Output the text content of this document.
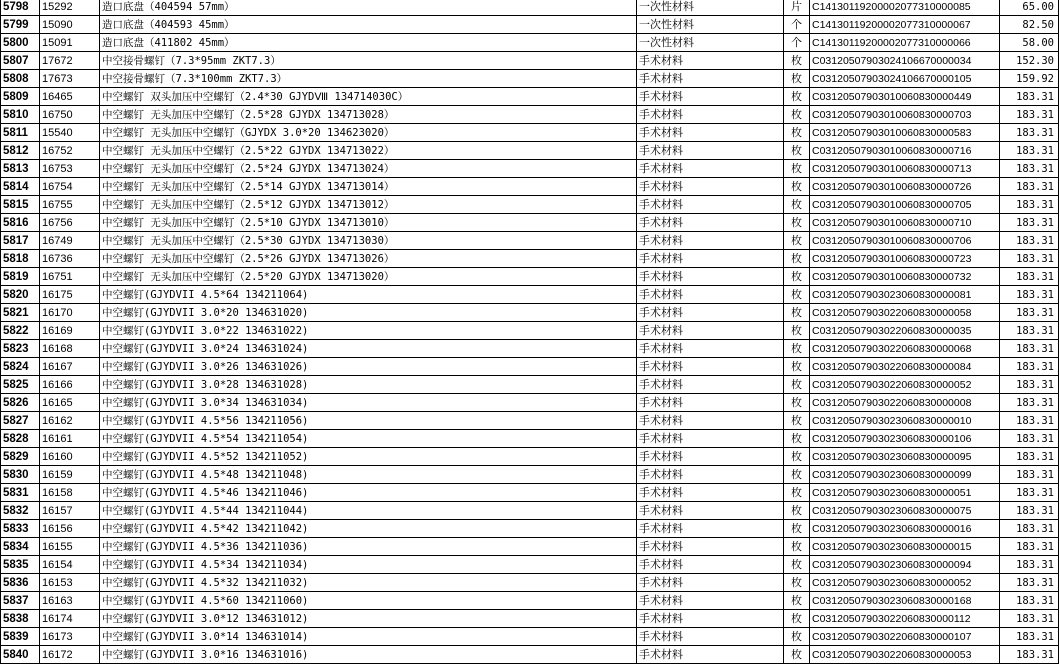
5798	15292	造口底盘（404594 57mm）	一次性材料	片	C14130119200002077310000085	65.00
5799	15090	造口底盘（404593 45mm）	一次性材料	个	C14130119200002077310000067	82.50
5800	15091	造口底盘（411802 45mm）	一次性材料	个	C14130119200002077310000066	58.00
5807	17672	中空接骨螺钉（7.3*95mm ZKT7.3）	手术材料	枚	C03120507903024106670000034	152.30
5808	17673	中空接骨螺钉（7.3*100mm ZKT7.3）	手术材料	枚	C03120507903024106670000105	159.92
5809	16465	中空螺钉 双头加压中空螺钉（2.4*30 GJYDⅧ 134714030C）	手术材料	枚	C03120507903010060830000449	183.31
5810	16750	中空螺钉 无头加压中空螺钉（2.5*28 GJYDX 134713028）	手术材料	枚	C03120507903010060830000703	183.31
5811	15540	中空螺钉 无头加压中空螺钉（GJYDX 3.0*20 134623020）	手术材料	枚	C03120507903010060830000583	183.31
5812	16752	中空螺钉 无头加压中空螺钉（2.5*22 GJYDX 134713022）	手术材料	枚	C03120507903010060830000716	183.31
5813	16753	中空螺钉 无头加压中空螺钉（2.5*24 GJYDX 134713024）	手术材料	枚	C03120507903010060830000713	183.31
5814	16754	中空螺钉 无头加压中空螺钉（2.5*14 GJYDX 134713014）	手术材料	枚	C03120507903010060830000726	183.31
5815	16755	中空螺钉 无头加压中空螺钉（2.5*12 GJYDX 134713012）	手术材料	枚	C03120507903010060830000705	183.31
5816	16756	中空螺钉 无头加压中空螺钉（2.5*10 GJYDX 134713010）	手术材料	枚	C03120507903010060830000710	183.31
5817	16749	中空螺钉 无头加压中空螺钉（2.5*30 GJYDX 134713030）	手术材料	枚	C03120507903010060830000706	183.31
5818	16736	中空螺钉 无头加压中空螺钉（2.5*26 GJYDX 134713026）	手术材料	枚	C03120507903010060830000723	183.31
5819	16751	中空螺钉 无头加压中空螺钉（2.5*20 GJYDX 134713020）	手术材料	枚	C03120507903010060830000732	183.31
5820	16175	中空螺钉(GJYDVII 4.5*64 134211064)	手术材料	枚	C03120507903023060830000081	183.31
5821	16170	中空螺钉(GJYDVII 3.0*20 134631020)	手术材料	枚	C03120507903022060830000058	183.31
5822	16169	中空螺钉(GJYDVII 3.0*22 134631022)	手术材料	枚	C03120507903022060830000035	183.31
5823	16168	中空螺钉(GJYDVII 3.0*24 134631024)	手术材料	枚	C03120507903022060830000068	183.31
5824	16167	中空螺钉(GJYDVII 3.0*26 134631026)	手术材料	枚	C03120507903022060830000084	183.31
5825	16166	中空螺钉(GJYDVII 3.0*28 134631028)	手术材料	枚	C03120507903022060830000052	183.31
5826	16165	中空螺钉(GJYDVII 3.0*34 134631034)	手术材料	枚	C03120507903022060830000008	183.31
5827	16162	中空螺钉(GJYDVII 4.5*56 134211056)	手术材料	枚	C03120507903023060830000010	183.31
5828	16161	中空螺钉(GJYDVII 4.5*54 134211054)	手术材料	枚	C03120507903023060830000106	183.31
5829	16160	中空螺钉(GJYDVII 4.5*52 134211052)	手术材料	枚	C03120507903023060830000095	183.31
5830	16159	中空螺钉(GJYDVII 4.5*48 134211048)	手术材料	枚	C03120507903023060830000099	183.31
5831	16158	中空螺钉(GJYDVII 4.5*46 134211046)	手术材料	枚	C03120507903023060830000051	183.31
5832	16157	中空螺钉(GJYDVII 4.5*44 134211044)	手术材料	枚	C03120507903023060830000075	183.31
5833	16156	中空螺钉(GJYDVII 4.5*42 134211042)	手术材料	枚	C03120507903023060830000016	183.31
5834	16155	中空螺钉(GJYDVII 4.5*36 134211036)	手术材料	枚	C03120507903023060830000015	183.31
5835	16154	中空螺钉(GJYDVII 4.5*34 134211034)	手术材料	枚	C03120507903023060830000094	183.31
5836	16153	中空螺钉(GJYDVII 4.5*32 134211032)	手术材料	枚	C03120507903023060830000052	183.31
5837	16163	中空螺钉(GJYDVII 4.5*60 134211060)	手术材料	枚	C03120507903023060830000168	183.31
5838	16174	中空螺钉(GJYDVII 3.0*12 134631012)	手术材料	枚	C03120507903022060830000112	183.31
5839	16173	中空螺钉(GJYDVII 3.0*14 134631014)	手术材料	枚	C03120507903022060830000107	183.31
5840	16172	中空螺钉(GJYDVII 3.0*16 134631016)	手术材料	枚	C03120507903022060830000053	183.31
